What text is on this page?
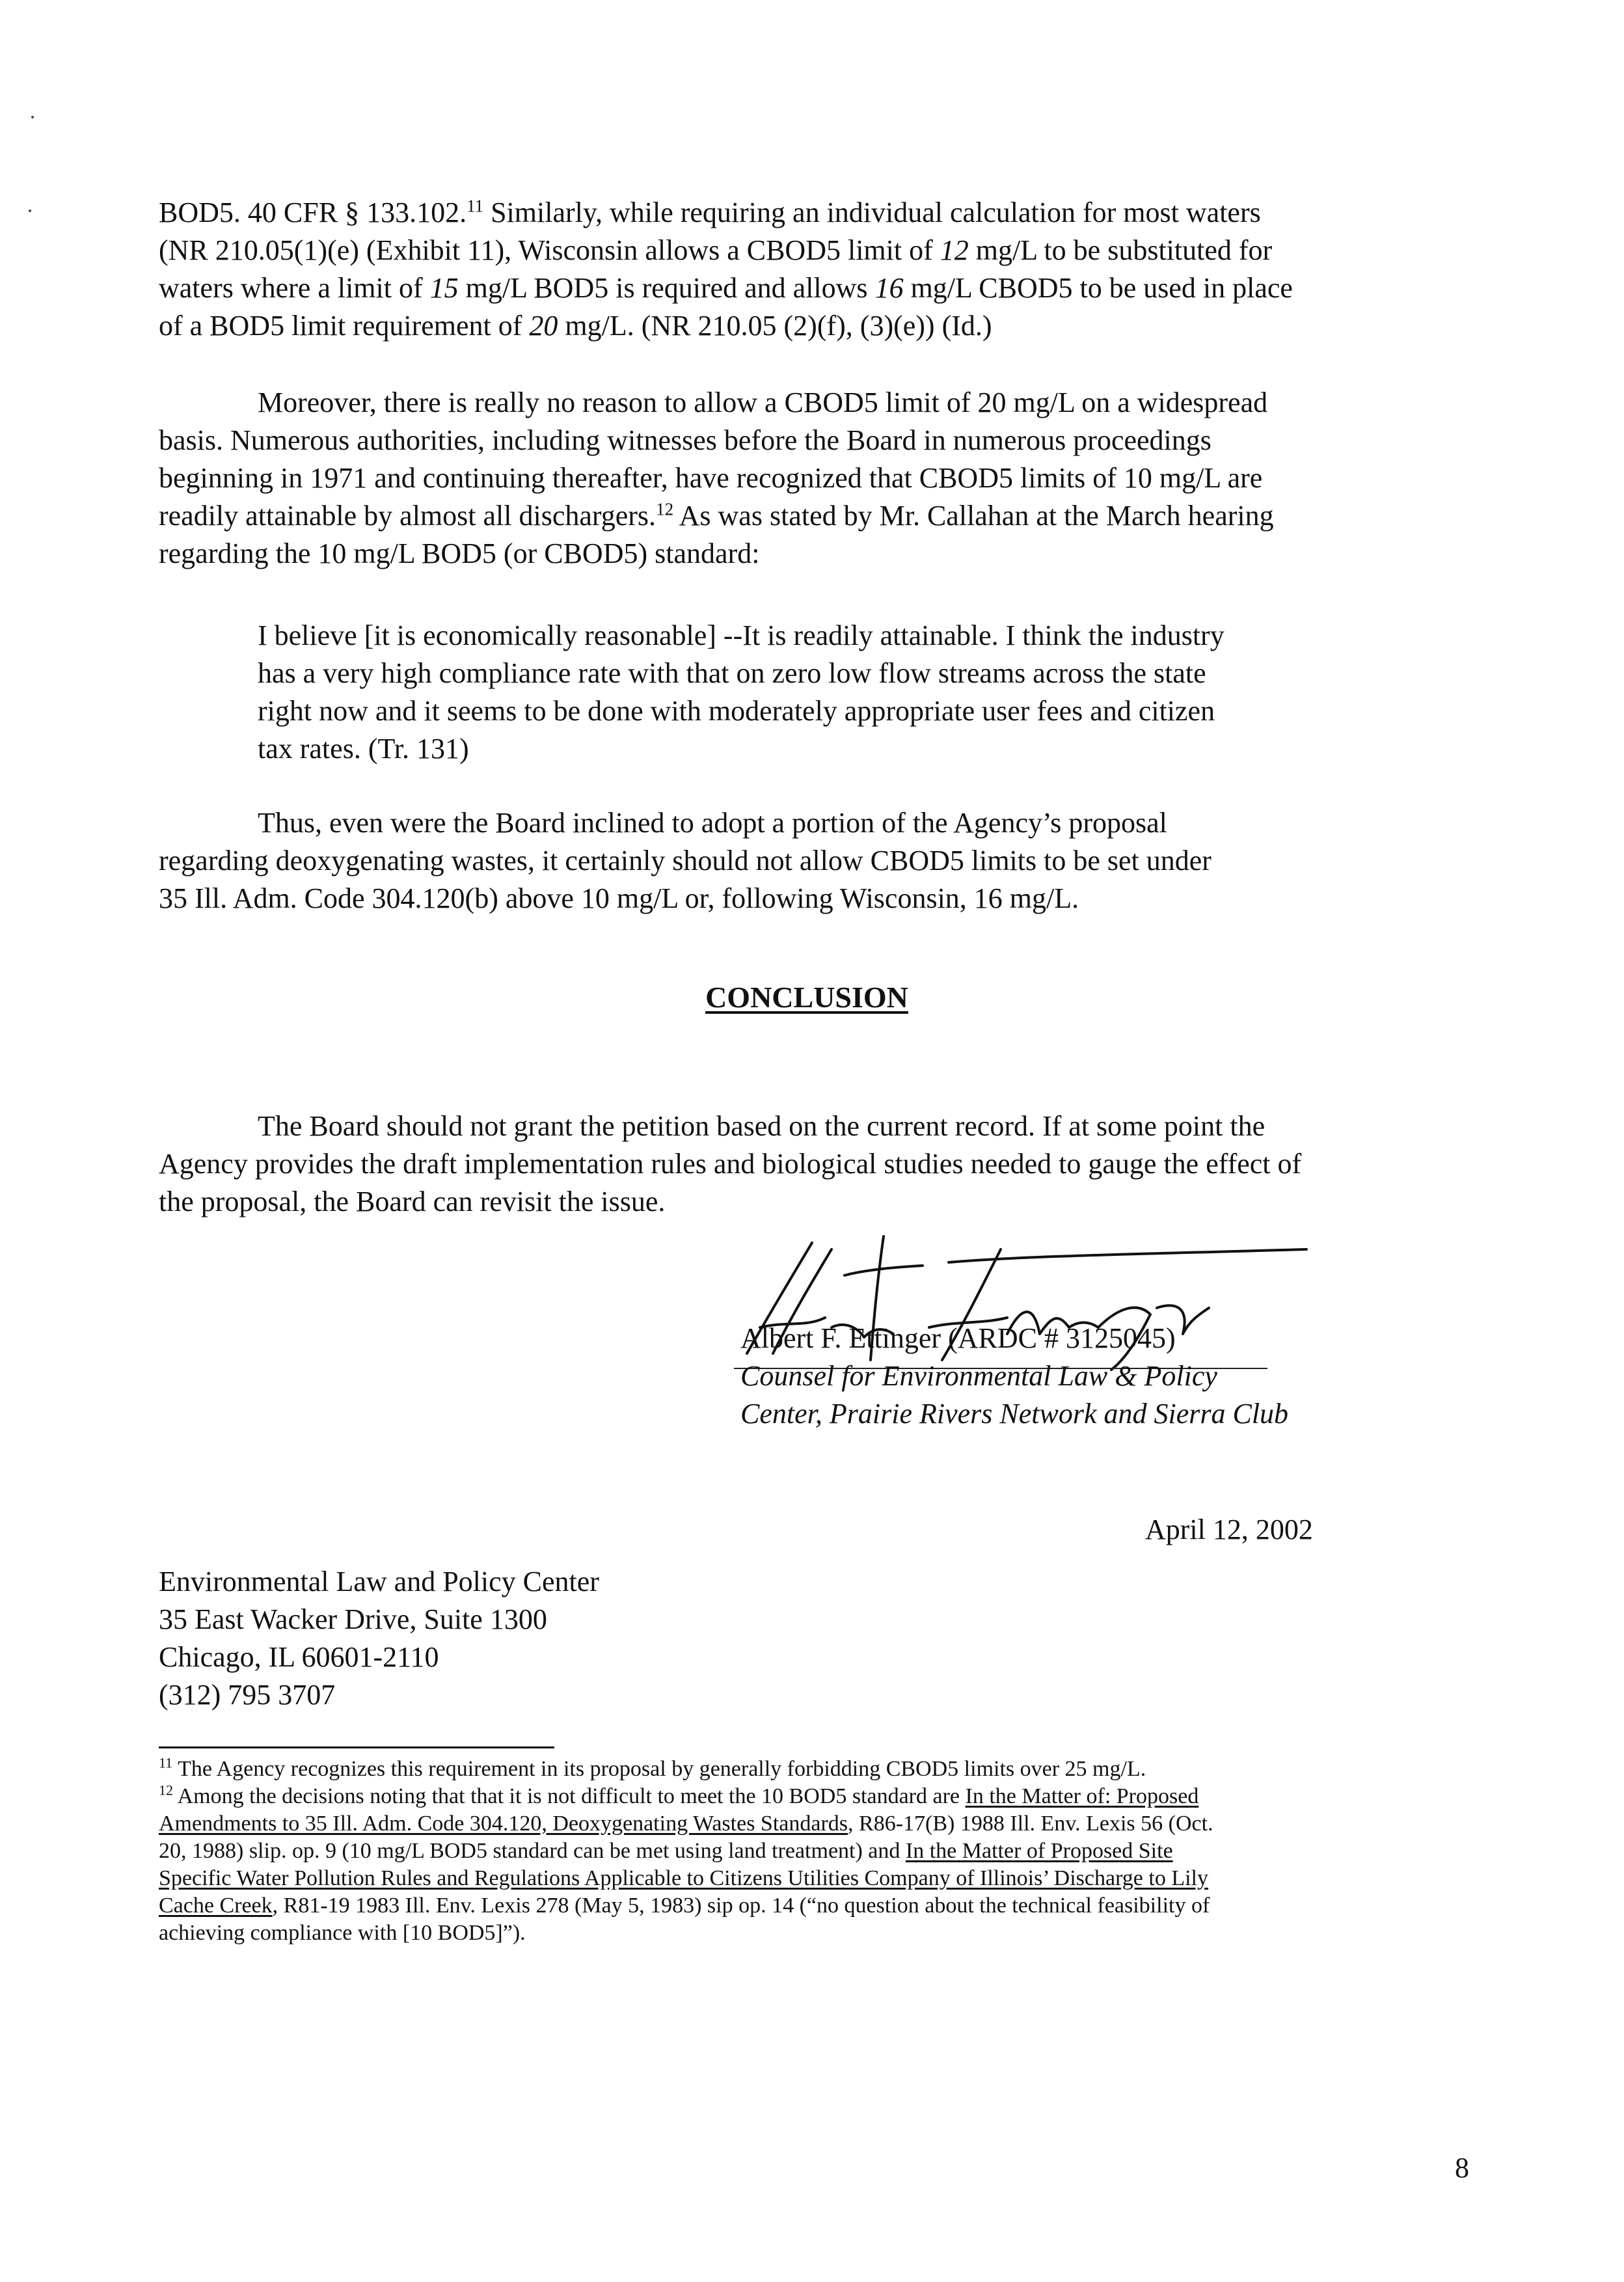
BOD5. 40 CFR § 133.102.11 Similarly, while requiring an individual calculation for most waters
(NR 210.05(1)(e) (Exhibit 11), Wisconsin allows a CBOD5 limit of 12 mg/L to be substituted for
waters where a limit of 15 mg/L BOD5 is required and allows 16 mg/L CBOD5 to be used in place
of a BOD5 limit requirement of 20 mg/L. (NR 210.05 (2)(f), (3)(e)) (Id.)

Moreover, there is really no reason to allow a CBOD5 limit of 20 mg/L on a widespread
basis. Numerous authorities, including witnesses before the Board in numerous proceedings
beginning in 1971 and continuing thereafter, have recognized that CBOD5 limits of 10 mg/L are
readily attainable by almost all dischargers.$^{12}$ As was stated by Mr. Callahan at the March hearing
regarding the 10 mg/L BOD5 (or CBOD5) standard:

I believe [it is economically reasonable] --It is readily attainable. I think the industry
has a very high compliance rate with that on zero low flow streams across the state
right now and it seems to be done with moderately appropriate user fees and citizen
tax rates. (Tr. 131)

Thus, even were the Board inclined to adopt a portion of the Agency’s proposal
regarding deoxygenating wastes, it certainly should not allow CBOD5 limits to be set under
35 Ill. Adm. Code 304.120(b) above 10 mg/L or, following Wisconsin, 16 mg/L.

CONCLUSION

The Board should not grant the petition based on the current record. If at some point the
Agency provides the draft implementation rules and biological studies needed to gauge the effect of
the proposal, the Board can revisit the issue.

Albert F. Ettinger (ARDC # 3125045)
Counsel for Environmental Law & Policy
Center, Prairie Rivers Network and Sierra Club
April 12, 2002
Environmental Law and Policy Center
35 East Wacker Drive, Suite 1300
Chicago, IL 60601-2110
(312) 795 3707
$^{11}$ The Agency recognizes this requirement in its proposal by generally forbidding CBOD5 limits over 25 mg/L.
$^{12}$ Among the decisions noting that that it is not difficult to meet the 10 BOD5 standard are In the Matter of: Proposed
Amendments to 35 Ill. Adm. Code 304.120, Deoxygenating Wastes Standards, R86-17(B) 1988 Ill. Env. Lexis 56 (Oct.
20, 1988) slip. op. 9 (10 mg/L BOD5 standard can be met using land treatment) and In the Matter of Proposed Site
Specific Water Pollution Rules and Regulations Applicable to Citizens Utilities Company of Illinois’ Discharge to Lily
Cache Creek, R81-19 1983 Ill. Env. Lexis 278 (May 5, 1983) sip op. 14 (“no question about the technical feasibility of
achieving compliance with [10 BOD5]”).
8
